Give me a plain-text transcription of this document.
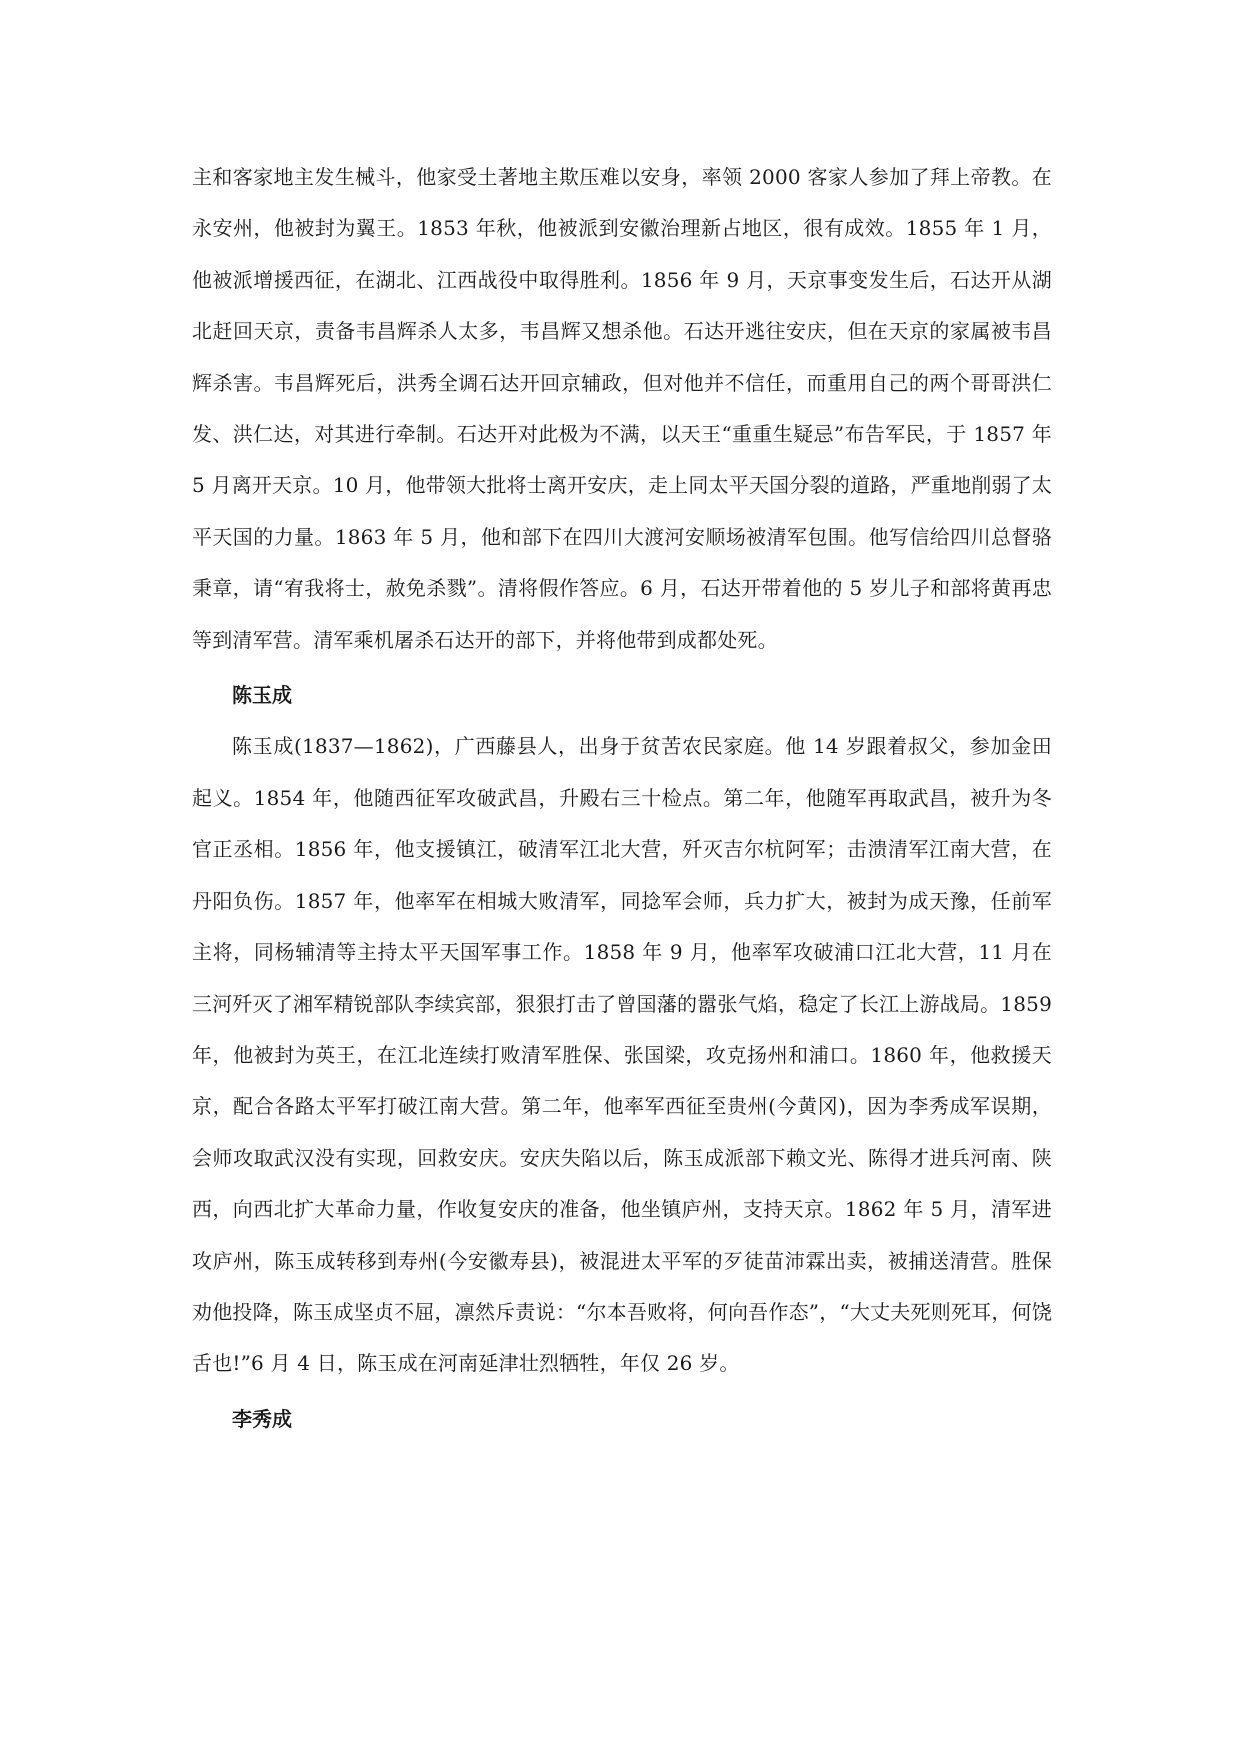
主和客家地主发生械斗，他家受土著地主欺压难以安身，率领 2000 客家人参加了拜上帝教。在永安州，他被封为翼王。1853 年秋，他被派到安徽治理新占地区，很有成效。1855 年 1 月，他被派增援西征，在湖北、江西战役中取得胜利。1856 年 9 月，天京事变发生后，石达开从湖北赶回天京，责备韦昌辉杀人太多，韦昌辉又想杀他。石达开逃往安庆，但在天京的家属被韦昌辉杀害。韦昌辉死后，洪秀全调石达开回京辅政，但对他并不信任，而重用自己的两个哥哥洪仁发、洪仁达，对其进行牵制。石达开对此极为不满，以天王“重重生疑忌”布告军民，于 1857 年 5 月离开天京。10 月，他带领大批将士离开安庆，走上同太平天国分裂的道路，严重地削弱了太平天国的力量。1863 年 5 月，他和部下在四川大渡河安顺场被清军包围。他写信给四川总督骆秉章，请“宥我将士，赦免杀戮”。清将假作答应。6 月，石达开带着他的 5 岁儿子和部将黄再忠等到清军营。清军乘机屠杀石达开的部下，并将他带到成都处死。

陈玉成

陈玉成(1837—1862)，广西藤县人，出身于贫苦农民家庭。他 14 岁跟着叔父，参加金田起义。1854 年，他随西征军攻破武昌，升殿右三十检点。第二年，他随军再取武昌，被升为冬官正丞相。1856 年，他支援镇江，破清军江北大营，歼灭吉尔杭阿军；击溃清军江南大营，在丹阳负伤。1857 年，他率军在相城大败清军，同捻军会师，兵力扩大，被封为成天豫，任前军主将，同杨辅清等主持太平天国军事工作。1858 年 9 月，他率军攻破浦口江北大营，11 月在三河歼灭了湘军精锐部队李续宾部，狠狠打击了曾国藩的嚣张气焰，稳定了长江上游战局。1859 年，他被封为英王，在江北连续打败清军胜保、张国梁，攻克扬州和浦口。1860 年，他救援天京，配合各路太平军打破江南大营。第二年，他率军西征至贵州(今黄冈)，因为李秀成军误期，会师攻取武汉没有实现，回救安庆。安庆失陷以后，陈玉成派部下赖文光、陈得才进兵河南、陕西，向西北扩大革命力量，作收复安庆的准备，他坐镇庐州，支持天京。1862 年 5 月，清军进攻庐州，陈玉成转移到寿州(今安徽寿县)，被混进太平军的歹徒苗沛霖出卖，被捕送清营。胜保劝他投降，陈玉成坚贞不屈，凛然斥责说：“尔本吾败将，何向吾作态”，“大丈夫死则死耳，何饶舌也!”6 月 4 日，陈玉成在河南延津壮烈牺牲，年仅 26 岁。

李秀成
